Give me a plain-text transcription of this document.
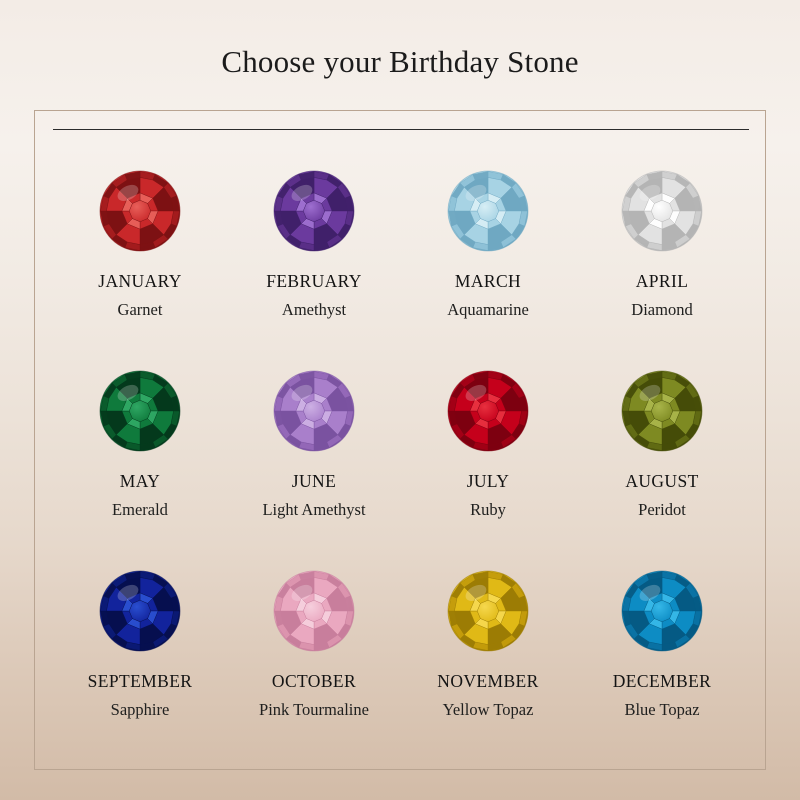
Choose your Birthday Stone
JANUARY
Garnet
FEBRUARY
Amethyst
MARCH
Aquamarine
APRIL
Diamond
MAY
Emerald
JUNE
Light Amethyst
JULY
Ruby
AUGUST
Peridot
SEPTEMBER
Sapphire
OCTOBER
Pink Tourmaline
NOVEMBER
Yellow Topaz
DECEMBER
Blue Topaz
